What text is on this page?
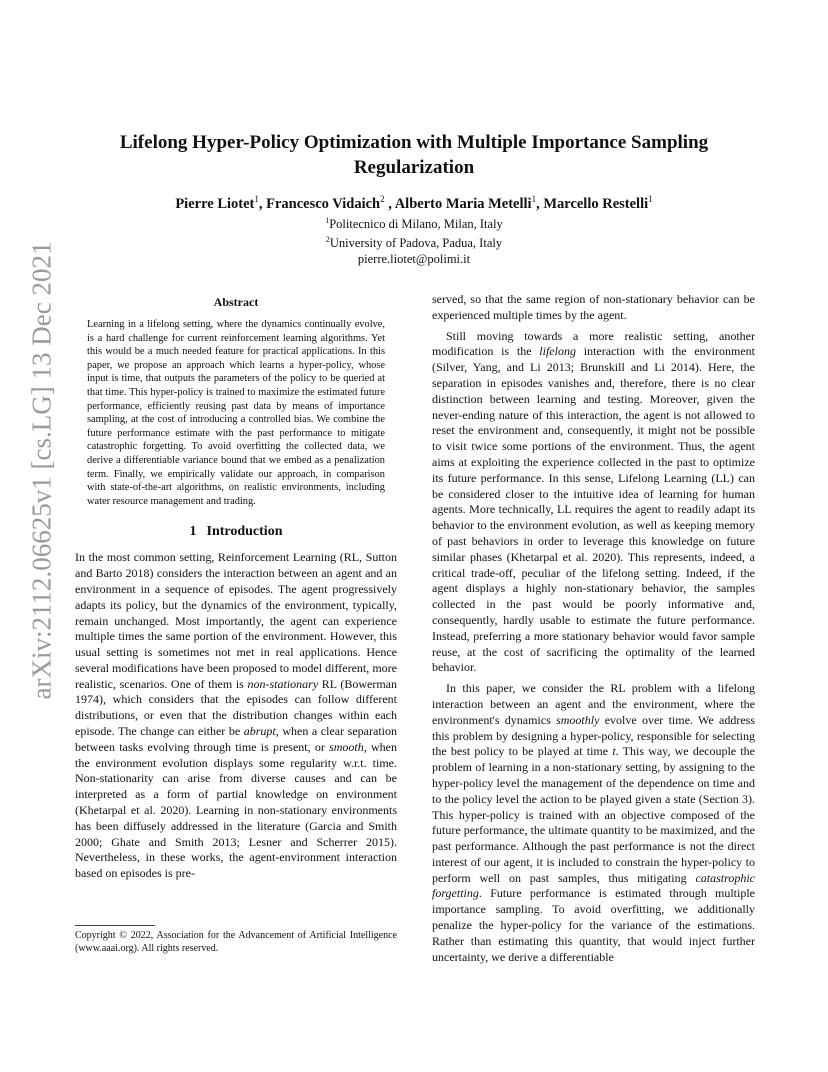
arXiv:2112.06625v1 [cs.LG] 13 Dec 2021
Lifelong Hyper-Policy Optimization with Multiple Importance Sampling Regularization
Pierre Liotet$^1$, Francesco Vidaich$^2$ , Alberto Maria Metelli$^1$, Marcello Restelli$^1$
$^1$Politecnico di Milano, Milan, Italy
$^2$University of Padova, Padua, Italy
pierre.liotet@polimi.it
Abstract

Learning in a lifelong setting, where the dynamics continually evolve, is a hard challenge for current reinforcement learning algorithms. Yet this would be a much needed feature for practical applications. In this paper, we propose an approach which learns a hyper-policy, whose input is time, that outputs the parameters of the policy to be queried at that time. This hyper-policy is trained to maximize the estimated future performance, efficiently reusing past data by means of importance sampling, at the cost of introducing a controlled bias. We combine the future performance estimate with the past performance to mitigate catastrophic forgetting. To avoid overfitting the collected data, we derive a differentiable variance bound that we embed as a penalization term. Finally, we empirically validate our approach, in comparison with state-of-the-art algorithms, on realistic environments, including water resource management and trading.

1 Introduction

In the most common setting, Reinforcement Learning (RL, Sutton and Barto 2018) considers the interaction between an agent and an environment in a sequence of episodes. The agent progressively adapts its policy, but the dynamics of the environment, typically, remain unchanged. Most importantly, the agent can experience multiple times the same portion of the environment. However, this usual setting is sometimes not met in real applications. Hence several modifications have been proposed to model different, more realistic, scenarios. One of them is non-stationary RL (Bowerman 1974), which considers that the episodes can follow different distributions, or even that the distribution changes within each episode. The change can either be abrupt, when a clear separation between tasks evolving through time is present, or smooth, when the environment evolution displays some regularity w.r.t. time. Non-stationarity can arise from diverse causes and can be interpreted as a form of partial knowledge on environment (Khetarpal et al. 2020). Learning in non-stationary environments has been diffusely addressed in the literature (Garcia and Smith 2000; Ghate and Smith 2013; Lesner and Scherrer 2015). Nevertheless, in these works, the agent-environment interaction based on episodes is pre-

Copyright © 2022, Association for the Advancement of Artificial Intelligence (www.aaai.org). All rights reserved.

served, so that the same region of non-stationary behavior can be experienced multiple times by the agent.

Still moving towards a more realistic setting, another modification is the lifelong interaction with the environment (Silver, Yang, and Li 2013; Brunskill and Li 2014). Here, the separation in episodes vanishes and, therefore, there is no clear distinction between learning and testing. Moreover, given the never-ending nature of this interaction, the agent is not allowed to reset the environment and, consequently, it might not be possible to visit twice some portions of the environment. Thus, the agent aims at exploiting the experience collected in the past to optimize its future performance. In this sense, Lifelong Learning (LL) can be considered closer to the intuitive idea of learning for human agents. More technically, LL requires the agent to readily adapt its behavior to the environment evolution, as well as keeping memory of past behaviors in order to leverage this knowledge on future similar phases (Khetarpal et al. 2020). This represents, indeed, a critical trade-off, peculiar of the lifelong setting. Indeed, if the agent displays a highly non-stationary behavior, the samples collected in the past would be poorly informative and, consequently, hardly usable to estimate the future performance. Instead, preferring a more stationary behavior would favor sample reuse, at the cost of sacrificing the optimality of the learned behavior.

In this paper, we consider the RL problem with a lifelong interaction between an agent and the environment, where the environment's dynamics smoothly evolve over time. We address this problem by designing a hyper-policy, responsible for selecting the best policy to be played at time t. This way, we decouple the problem of learning in a non-stationary setting, by assigning to the hyper-policy level the management of the dependence on time and to the policy level the action to be played given a state (Section 3). This hyper-policy is trained with an objective composed of the future performance, the ultimate quantity to be maximized, and the past performance. Although the past performance is not the direct interest of our agent, it is included to constrain the hyper-policy to perform well on past samples, thus mitigating catastrophic forgetting. Future performance is estimated through multiple importance sampling. To avoid overfitting, we additionally penalize the hyper-policy for the variance of the estimations. Rather than estimating this quantity, that would inject further uncertainty, we derive a differentiable
